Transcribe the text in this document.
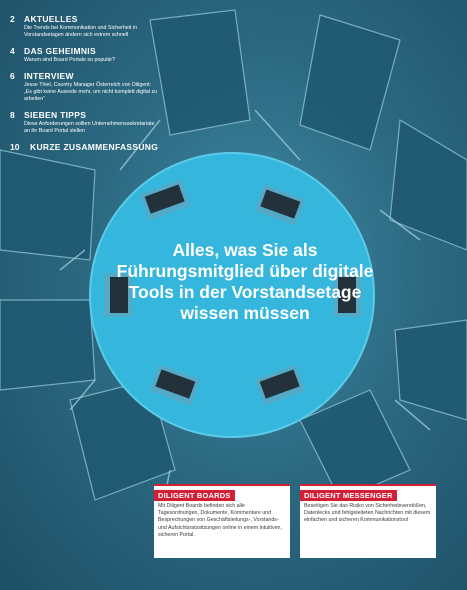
2 AKTUELLES
Die Trends bei Kommunikation und Sicherheit in Vorstandsetagen ändern sich extrem schnell
4 DAS GEHEIMNIS
Warum sind Board Portale so populär?
6 INTERVIEW
Jesse Thiel, Country Manager Österreich von Diligent: „Es gibt keine Ausrede mehr, um nicht komplett digital zu arbeiten“
8 SIEBEN TIPPS
Diese Anforderungen sollten Unternehmenssekretariate an ihr Board Portal stellen
10 KURZE ZUSAMMENFASSUNG
Alles, was Sie als Führungsmitglied über digitale Tools in der Vorstandsetage wissen müssen
DILIGENT BOARDS
Mit Diligent Boards befinden sich alle Tagesordnungen, Dokumente, Kommentare und Besprechungen von Geschäftsleitungs-, Vorstands- und Aufsichtsratssitzungen online in einem intuitiven, sicheren Portal.
DILIGENT MESSENGER
Beseitigen Sie das Risiko von Sicherheitsverstößen, Datenlecks und fehlgeleiteten Nachrichten mit diesem einfachen und sicheren Kommunikationstool
